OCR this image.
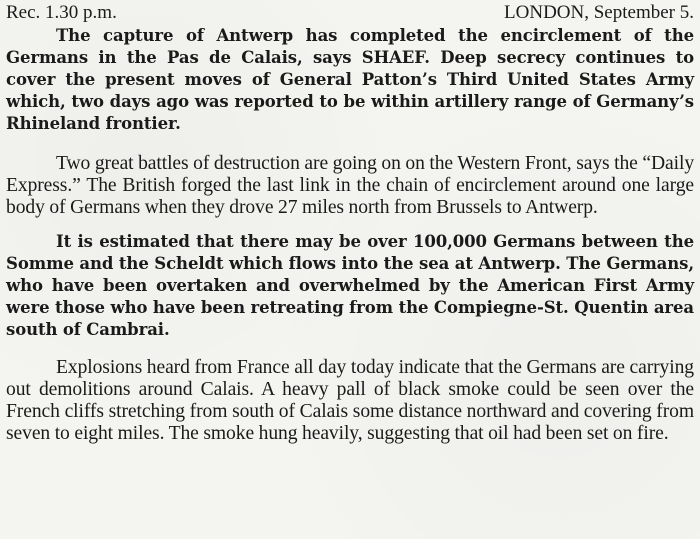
Rec. 1.30 p.m.	LONDON, September 5.

The capture of Antwerp has completed the encirclement of the Germans in the Pas de Calais, says SHAEF. Deep secrecy continues to cover the present moves of General Patton’s Third United States Army which, two days ago was reported to be within artillery range of Germany’s Rhineland frontier.

Two great battles of destruction are going on on the Western Front, says the “Daily Express.” The British forged the last link in the chain of encirclement around one large body of Germans when they drove 27 miles north from Brussels to Antwerp.

It is estimated that there may be over 100,000 Germans between the Somme and the Scheldt which flows into the sea at Antwerp. The Germans, who have been overtaken and overwhelmed by the American First Army were those who have been retreating from the Compiegne-St. Quentin area south of Cambrai.

Explosions heard from France all day today indicate that the Germans are carrying out demolitions around Calais. A heavy pall of black smoke could be seen over the French cliffs stretching from south of Calais some distance northward and covering from seven to eight miles. The smoke hung heavily, suggesting that oil had been set on fire.
